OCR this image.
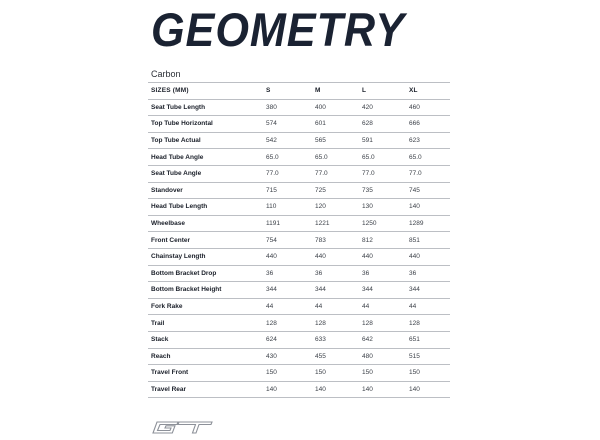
GEOMETRY
Carbon
SIZES (MM)	S	M	L	XL
Seat Tube Length	380	400	420	460
Top Tube Horizontal	574	601	628	666
Top Tube Actual	542	565	591	623
Head Tube Angle	65.0	65.0	65.0	65.0
Seat Tube Angle	77.0	77.0	77.0	77.0
Standover	715	725	735	745
Head Tube Length	110	120	130	140
Wheelbase	1191	1221	1250	1289
Front Center	754	783	812	851
Chainstay Length	440	440	440	440
Bottom Bracket Drop	36	36	36	36
Bottom Bracket Height	344	344	344	344
Fork Rake	44	44	44	44
Trail	128	128	128	128
Stack	624	633	642	651
Reach	430	455	480	515
Travel Front	150	150	150	150
Travel Rear	140	140	140	140
